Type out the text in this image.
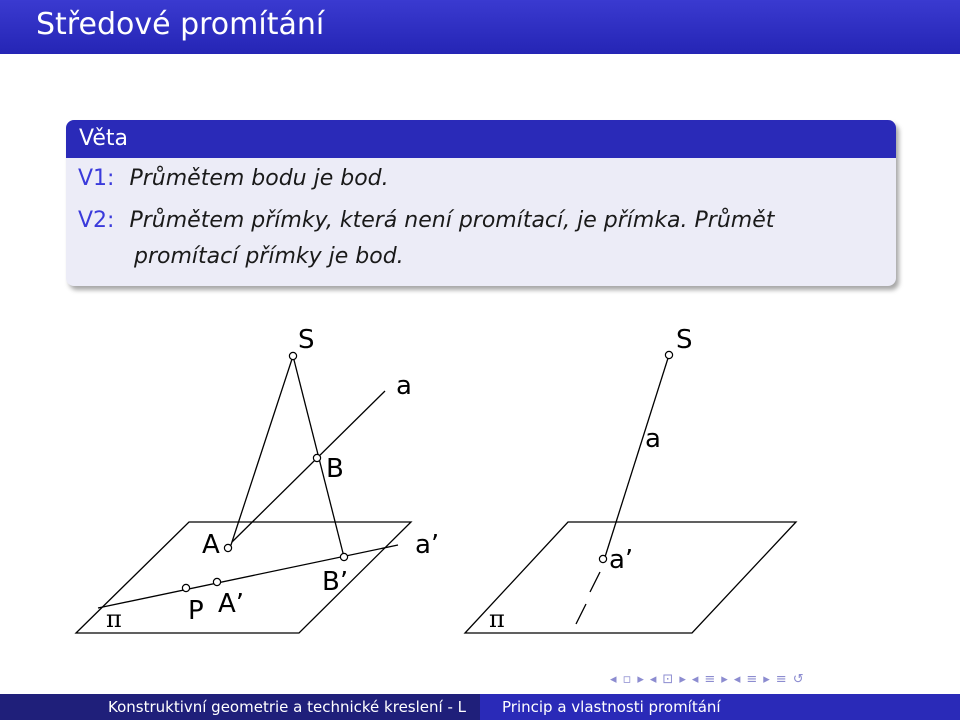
Středové promítání
Věta
V1: Průmětem bodu je bod.
V2: Průmětem přímky, která není promítací, je přímka. Průmět
promítací přímky je bod.
S
a
B
A	a’
B’
P A’
π
S
a
a’
π
◂ ▫ ▸ ◂ ⊡ ▸ ◂ ≡ ▸ ◂ ≡ ▸ ≡ ↺
Konstruktivní geometrie a technické kreslení - L	Princip a vlastnosti promítání
